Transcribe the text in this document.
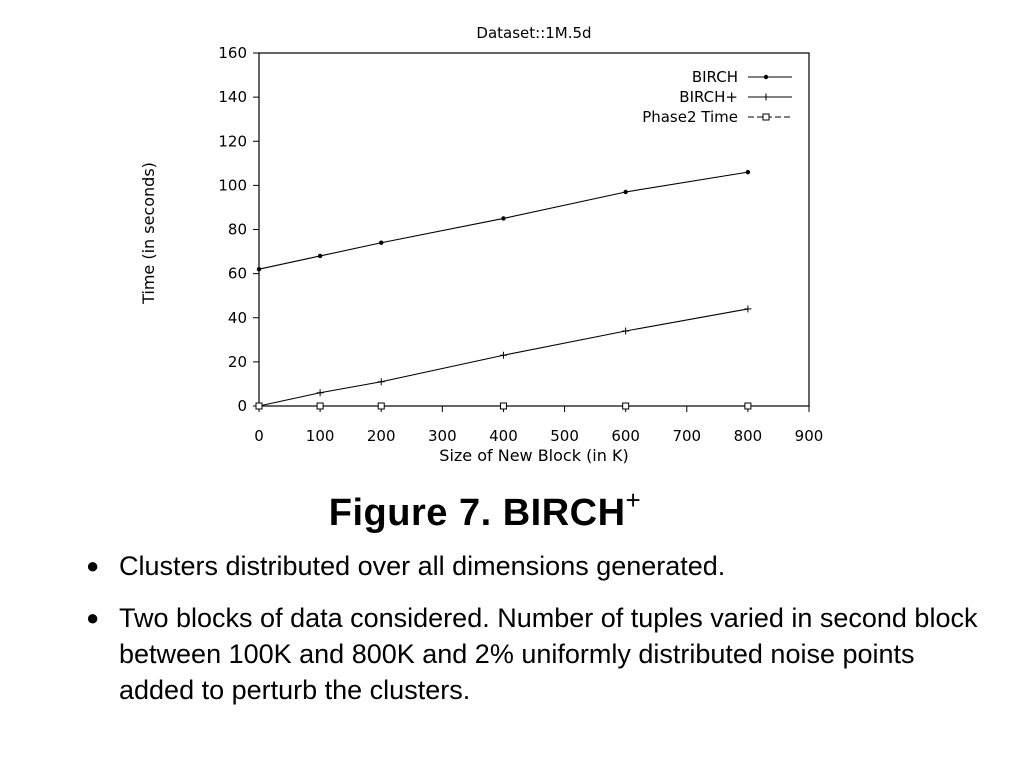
Dataset::1M.5d
Time (in seconds)
Size of New Block (in K)
0	100 200 300 400 500 600 700 800 900
0
20
40
60
80
100
120
140
160
BIRCH
BIRCH+
Phase2 Time
Figure 7. BIRCH+
● Clusters distributed over all dimensions generated.
● Two blocks of data considered. Number of tuples varied in second block between 100K and 800K and 2% uniformly distributed noise points added to perturb the clusters.
